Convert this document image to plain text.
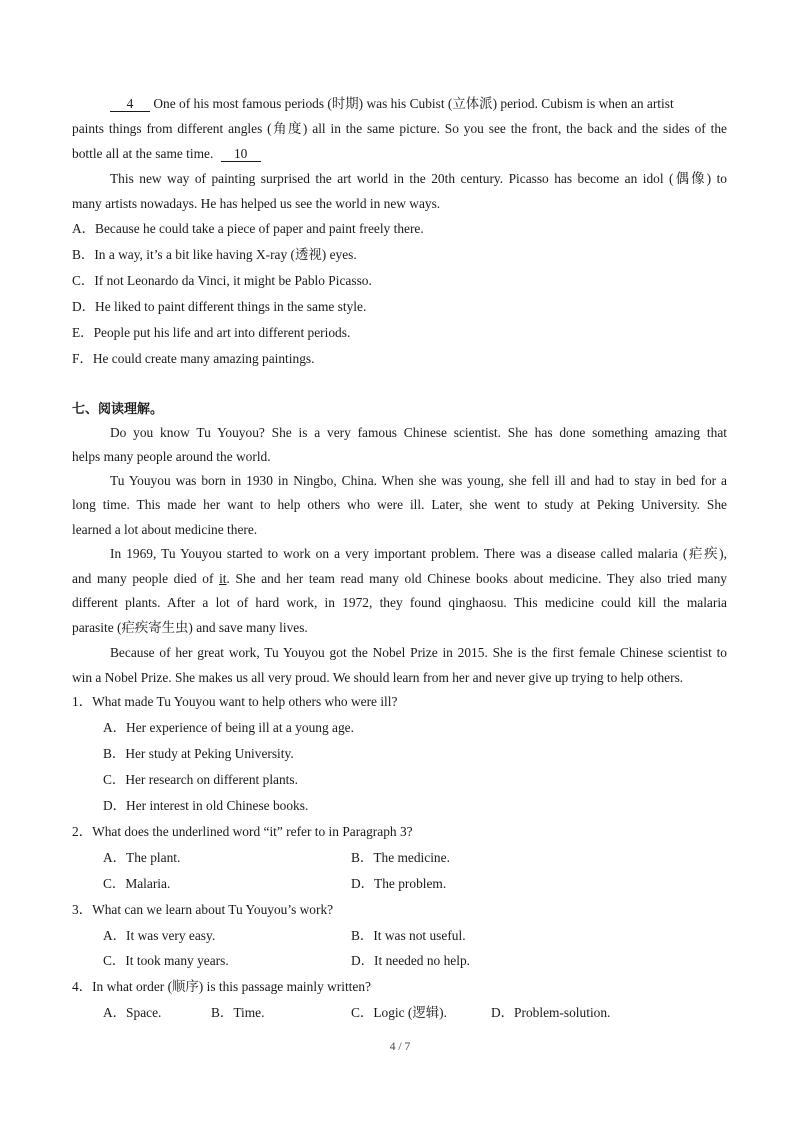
4 One of his most famous periods (时期) was his Cubist (立体派) period. Cubism is when an artist
paints things from different angles (角度) all in the same picture. So you see the front, the back and the sides of the
bottle all at the same time. 10
This new way of painting surprised the art world in the 20th century. Picasso has become an idol (偶像) to
many artists nowadays. He has helped us see the world in new ways.
A．Because he could take a piece of paper and paint freely there.
B．In a way, it’s a bit like having X-ray (透视) eyes.
C．If not Leonardo da Vinci, it might be Pablo Picasso.
D．He liked to paint different things in the same style.
E．People put his life and art into different periods.
F．He could create many amazing paintings.
七、阅读理解。
Do you know Tu Youyou? She is a very famous Chinese scientist. She has done something amazing that
helps many people around the world.
Tu Youyou was born in 1930 in Ningbo, China. When she was young, she fell ill and had to stay in bed for a
long time. This made her want to help others who were ill. Later, she went to study at Peking University. She
learned a lot about medicine there.
In 1969, Tu Youyou started to work on a very important problem. There was a disease called malaria (疟疾),
and many people died of it. She and her team read many old Chinese books about medicine. They also tried many
different plants. After a lot of hard work, in 1972, they found qinghaosu. This medicine could kill the malaria
parasite (疟疾寄生虫) and save many lives.
Because of her great work, Tu Youyou got the Nobel Prize in 2015. She is the first female Chinese scientist to
win a Nobel Prize. She makes us all very proud. We should learn from her and never give up trying to help others.
1．What made Tu Youyou want to help others who were ill?
A．Her experience of being ill at a young age.
B．Her study at Peking University.
C．Her research on different plants.
D．Her interest in old Chinese books.
2．What does the underlined word “it” refer to in Paragraph 3?
A．The plant.	B．The medicine.
C．Malaria.	D．The problem.
3．What can we learn about Tu Youyou’s work?
A．It was very easy.	B．It was not useful.
C．It took many years.	D．It needed no help.
4．In what order (顺序) is this passage mainly written?
A．Space.	B．Time.	C．Logic (逻辑).	D．Problem-solution.
4 / 7
